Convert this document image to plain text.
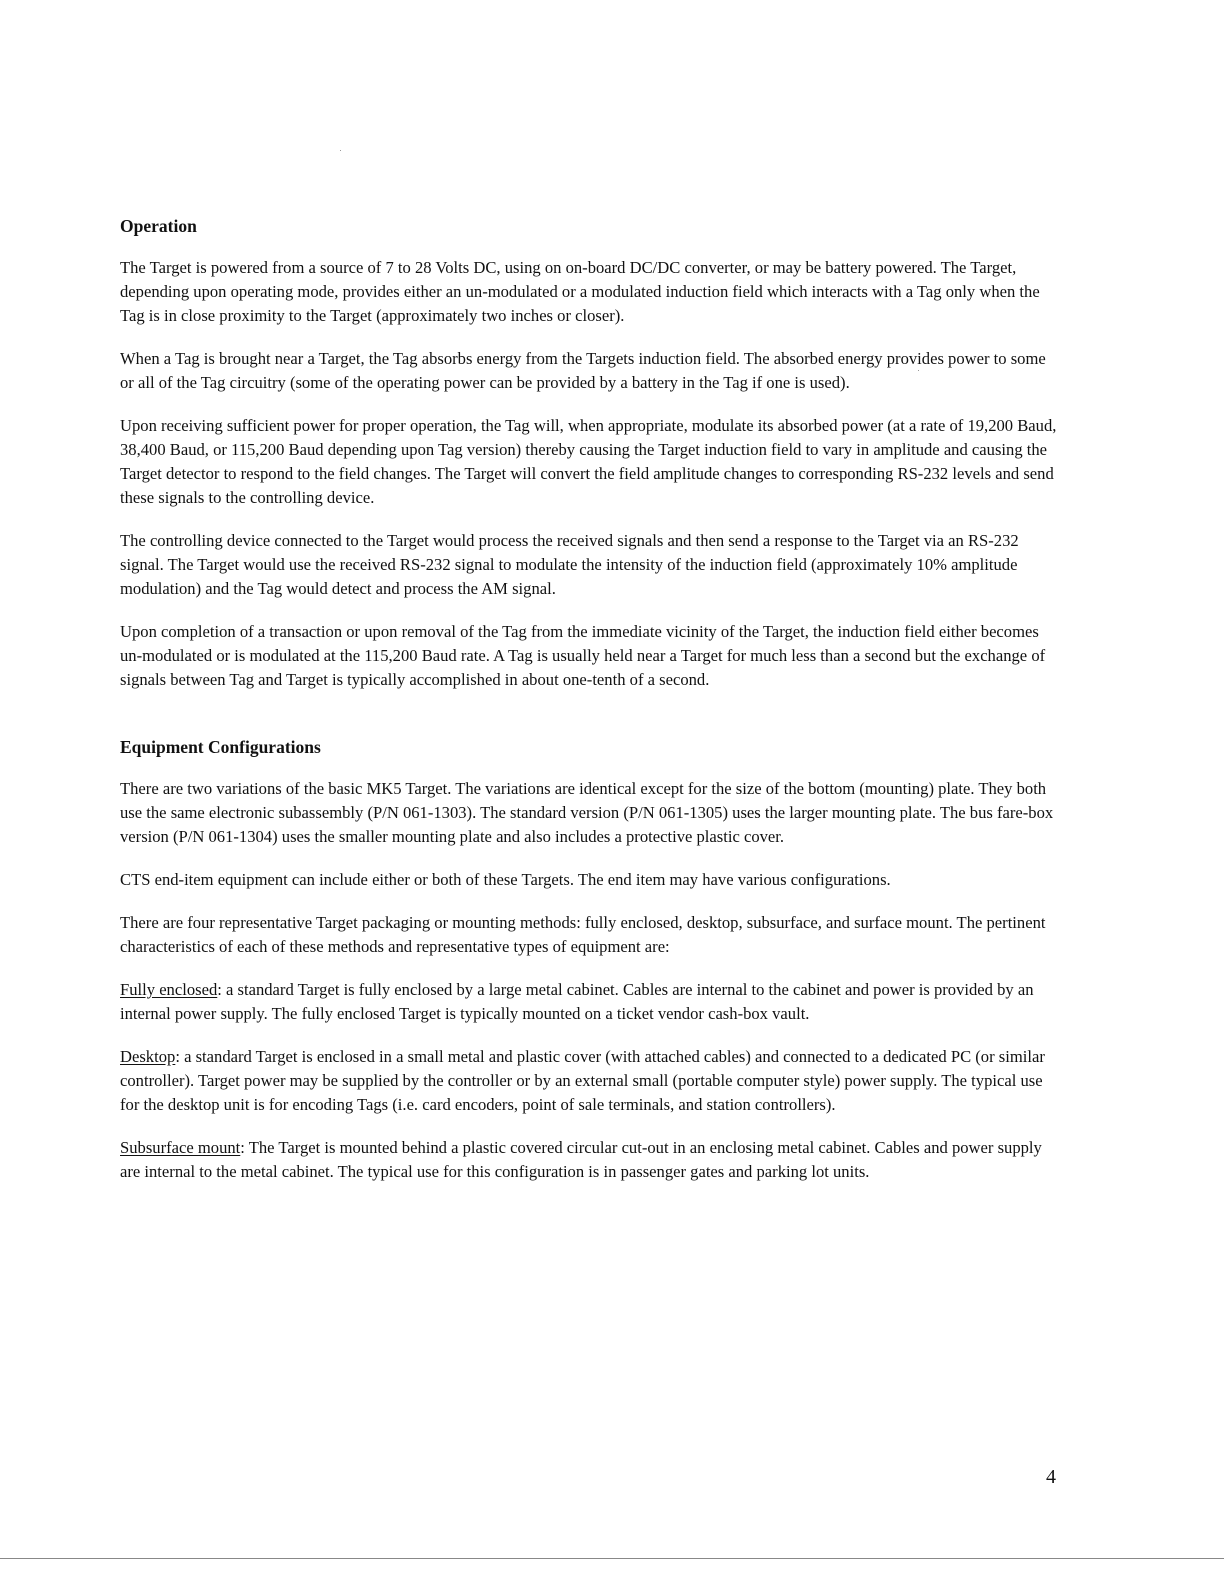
Operation

The Target is powered from a source of 7 to 28 Volts DC, using on on-board DC/DC converter, or may be battery powered. The Target, depending upon operating mode, provides either an un-modulated or a modulated induction field which interacts with a Tag only when the Tag is in close proximity to the Target (approximately two inches or closer).

When a Tag is brought near a Target, the Tag absorbs energy from the Targets induction field. The absorbed energy provides power to some or all of the Tag circuitry (some of the operating power can be provided by a battery in the Tag if one is used).

Upon receiving sufficient power for proper operation, the Tag will, when appropriate, modulate its absorbed power (at a rate of 19,200 Baud, 38,400 Baud, or 115,200 Baud depending upon Tag version) thereby causing the Target induction field to vary in amplitude and causing the Target detector to respond to the field changes. The Target will convert the field amplitude changes to corresponding RS-232 levels and send these signals to the controlling device.

The controlling device connected to the Target would process the received signals and then send a response to the Target via an RS-232 signal. The Target would use the received RS-232 signal to modulate the intensity of the induction field (approximately 10% amplitude modulation) and the Tag would detect and process the AM signal.

Upon completion of a transaction or upon removal of the Tag from the immediate vicinity of the Target, the induction field either becomes un-modulated or is modulated at the 115,200 Baud rate. A Tag is usually held near a Target for much less than a second but the exchange of signals between Tag and Target is typically accomplished in about one-tenth of a second.

Equipment Configurations

There are two variations of the basic MK5 Target. The variations are identical except for the size of the bottom (mounting) plate. They both use the same electronic subassembly (P/N 061-1303). The standard version (P/N 061-1305) uses the larger mounting plate. The bus fare-box version (P/N 061-1304) uses the smaller mounting plate and also includes a protective plastic cover.

CTS end-item equipment can include either or both of these Targets. The end item may have various configurations.

There are four representative Target packaging or mounting methods: fully enclosed, desktop, subsurface, and surface mount. The pertinent characteristics of each of these methods and representative types of equipment are:

Fully enclosed: a standard Target is fully enclosed by a large metal cabinet. Cables are internal to the cabinet and power is provided by an internal power supply. The fully enclosed Target is typically mounted on a ticket vendor cash-box vault.

Desktop: a standard Target is enclosed in a small metal and plastic cover (with attached cables) and connected to a dedicated PC (or similar controller). Target power may be supplied by the controller or by an external small (portable computer style) power supply. The typical use for the desktop unit is for encoding Tags (i.e. card encoders, point of sale terminals, and station controllers).

Subsurface mount: The Target is mounted behind a plastic covered circular cut-out in an enclosing metal cabinet. Cables and power supply are internal to the metal cabinet. The typical use for this configuration is in passenger gates and parking lot units.

4
